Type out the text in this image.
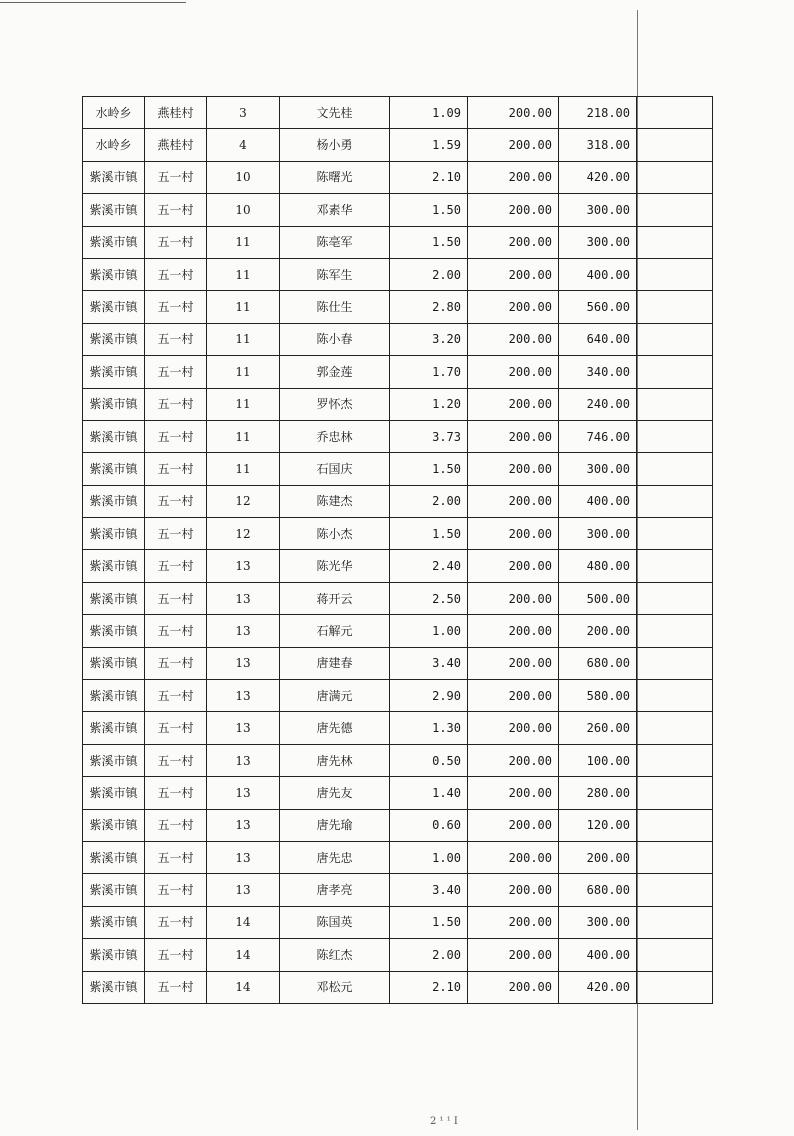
水岭乡	燕桂村	3	文先桂	1.09	200.00	218.00	
水岭乡	燕桂村	4	杨小勇	1.59	200.00	318.00	
紫溪市镇	五一村	10	陈曙光	2.10	200.00	420.00	
紫溪市镇	五一村	10	邓素华	1.50	200.00	300.00	
紫溪市镇	五一村	11	陈亳军	1.50	200.00	300.00	
紫溪市镇	五一村	11	陈军生	2.00	200.00	400.00	
紫溪市镇	五一村	11	陈仕生	2.80	200.00	560.00	
紫溪市镇	五一村	11	陈小春	3.20	200.00	640.00	
紫溪市镇	五一村	11	郭金莲	1.70	200.00	340.00	
紫溪市镇	五一村	11	罗怀杰	1.20	200.00	240.00	
紫溪市镇	五一村	11	乔忠林	3.73	200.00	746.00	
紫溪市镇	五一村	11	石国庆	1.50	200.00	300.00	
紫溪市镇	五一村	12	陈建杰	2.00	200.00	400.00	
紫溪市镇	五一村	12	陈小杰	1.50	200.00	300.00	
紫溪市镇	五一村	13	陈光华	2.40	200.00	480.00	
紫溪市镇	五一村	13	蒋开云	2.50	200.00	500.00	
紫溪市镇	五一村	13	石解元	1.00	200.00	200.00	
紫溪市镇	五一村	13	唐建春	3.40	200.00	680.00	
紫溪市镇	五一村	13	唐满元	2.90	200.00	580.00	
紫溪市镇	五一村	13	唐先德	1.30	200.00	260.00	
紫溪市镇	五一村	13	唐先林	0.50	200.00	100.00	
紫溪市镇	五一村	13	唐先友	1.40	200.00	280.00	
紫溪市镇	五一村	13	唐先瑜	0.60	200.00	120.00	
紫溪市镇	五一村	13	唐先忠	1.00	200.00	200.00	
紫溪市镇	五一村	13	唐孝亮	3.40	200.00	680.00	
紫溪市镇	五一村	14	陈国英	1.50	200.00	300.00	
紫溪市镇	五一村	14	陈红杰	2.00	200.00	400.00	
紫溪市镇	五一村	14	邓松元	2.10	200.00	420.00	
2 ¹ ¹ I
